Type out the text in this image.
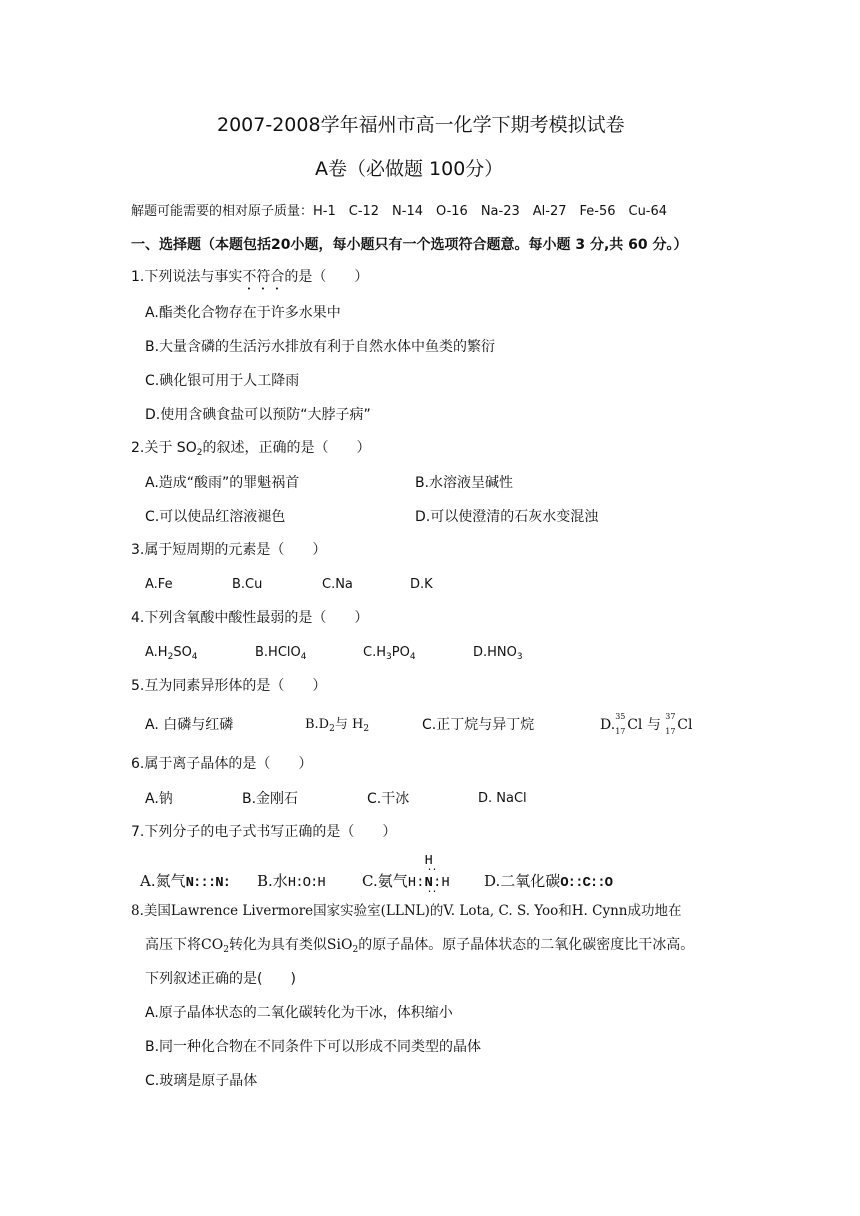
2007-2008学年福州市高一化学下期考模拟试卷
A卷（必做题 100分）
解题可能需要的相对原子质量：H-1　C-12　N-14　O-16　Na-23　Al-27　Fe-56　Cu-64
一、选择题（本题包括20小题，每小题只有一个选项符合题意。每小题 3 分,共 60 分。）
1.下列说法与事实不符合的是（　　）
A.酯类化合物存在于许多水果中
B.大量含磷的生活污水排放有利于自然水体中鱼类的繁衍
C.碘化银可用于人工降雨
D.使用含碘食盐可以预防“大脖子病”
2.关于 $SO_2$的叙述，正确的是（　　）
A.造成“酸雨”的罪魁祸首	B.水溶液呈碱性
C.可以使品红溶液褪色	D.可以使澄清的石灰水变混浊
3.属于短周期的元素是（　　）
A.Fe	B.Cu	C.Na	D.K
4.下列含氧酸中酸性最弱的是（　　）
$A.H_2SO_4$	B.HClO$_4$	$C.H_3PO_4$	$D.HNO_3$
5.互为同素异形体的是（　　）
A. 白磷与红磷	$B.D_2$与 $H_2$	C.正丁烷与异丁烷	D.
35
17 Cl 与
37
17 Cl
6.属于离子晶体的是（　　）
A.钠	B.金刚石	C.干冰	D. NaCl
7.下列分子的电子式书写正确的是（　　）
A.氮气N:::N: B.水H:O:H C.氨气H:
H
··
N
··
:H D.二氧化碳O::C::O
8.美国Lawrence Livermore国家实验室(LLNL)的V. Lota, C. S. Yoo和H. Cynn成功地在
高压下将$CO_2$转化为具有类似SiO$_2$的原子晶体。原子晶体状态的二氧化碳密度比干冰高。
下列叙述正确的是(　　)
A.原子晶体状态的二氧化碳转化为干冰，体积缩小
B.同一种化合物在不同条件下可以形成不同类型的晶体
C.玻璃是原子晶体
